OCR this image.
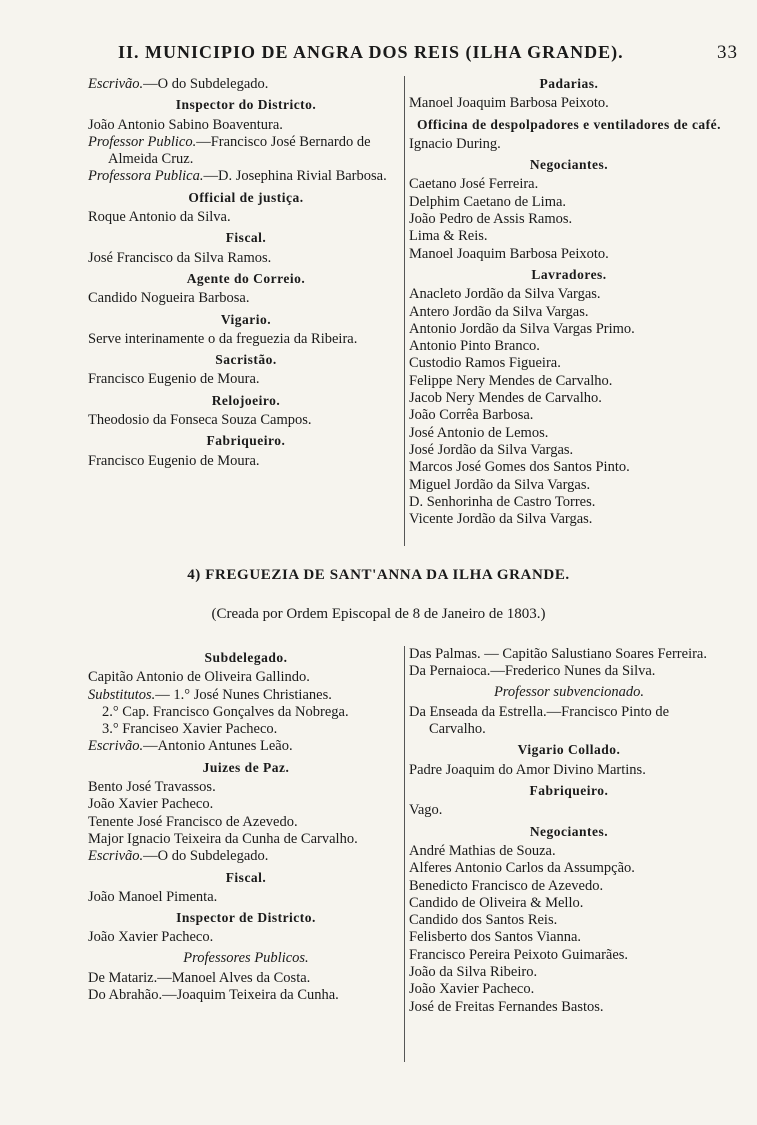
II. MUNICIPIO DE ANGRA DOS REIS (ILHA GRANDE).	33

Escrivão.—O do Subdelegado.

Inspector do Districto.

João Antonio Sabino Boaventura.

Professor Publico.—Francisco José Bernardo de Almeida Cruz.

Professora Publica.—D. Josephina Rivial Barbosa.

Official de justiça.

Roque Antonio da Silva.

Fiscal.

José Francisco da Silva Ramos.

Agente do Correio.

Candido Nogueira Barbosa.

Vigario.

Serve interinamente o da freguezia da Ribeira.

Sacristão.

Francisco Eugenio de Moura.

Relojoeiro.

Theodosio da Fonseca Souza Campos.

Fabriqueiro.

Francisco Eugenio de Moura.

Padarias.

Manoel Joaquim Barbosa Peixoto.

Officina de despolpadores e ventiladores de café.

Ignacio During.

Negociantes.

Caetano José Ferreira.

Delphim Caetano de Lima.

João Pedro de Assis Ramos.

Lima & Reis.

Manoel Joaquim Barbosa Peixoto.

Lavradores.

Anacleto Jordão da Silva Vargas.

Antero Jordão da Silva Vargas.

Antonio Jordão da Silva Vargas Primo.

Antonio Pinto Branco.

Custodio Ramos Figueira.

Felippe Nery Mendes de Carvalho.

Jacob Nery Mendes de Carvalho.

João Corrêa Barbosa.

José Antonio de Lemos.

José Jordão da Silva Vargas.

Marcos José Gomes dos Santos Pinto.

Miguel Jordão da Silva Vargas.

D. Senhorinha de Castro Torres.

Vicente Jordão da Silva Vargas.

4) FREGUEZIA DE SANT'ANNA DA ILHA GRANDE.
(Creada por Ordem Episcopal de 8 de Janeiro de 1803.)

Subdelegado.

Capitão Antonio de Oliveira Gallindo.

Substitutos.— 1.° José Nunes Christianes.

2.° Cap. Francisco Gonçalves da Nobrega.

3.° Franciseo Xavier Pacheco.

Escrivão.—Antonio Antunes Leão.

Juizes de Paz.

Bento José Travassos.

João Xavier Pacheco.

Tenente José Francisco de Azevedo.

Major Ignacio Teixeira da Cunha de Carvalho.

Escrivão.—O do Subdelegado.

Fiscal.

João Manoel Pimenta.

Inspector de Districto.

João Xavier Pacheco.

Professores Publicos.

De Matariz.—Manoel Alves da Costa.

Do Abrahão.—Joaquim Teixeira da Cunha.

Das Palmas. — Capitão Salustiano Soares Ferreira.

Da Pernaioca.—Frederico Nunes da Silva.

Professor subvencionado.

Da Enseada da Estrella.—Francisco Pinto de Carvalho.

Vigario Collado.

Padre Joaquim do Amor Divino Martins.

Fabriqueiro.

Vago.

Negociantes.

André Mathias de Souza.

Alferes Antonio Carlos da Assumpção.

Benedicto Francisco de Azevedo.

Candido de Oliveira & Mello.

Candido dos Santos Reis.

Felisberto dos Santos Vianna.

Francisco Pereira Peixoto Guimarães.

João da Silva Ribeiro.

João Xavier Pacheco.

José de Freitas Fernandes Bastos.
